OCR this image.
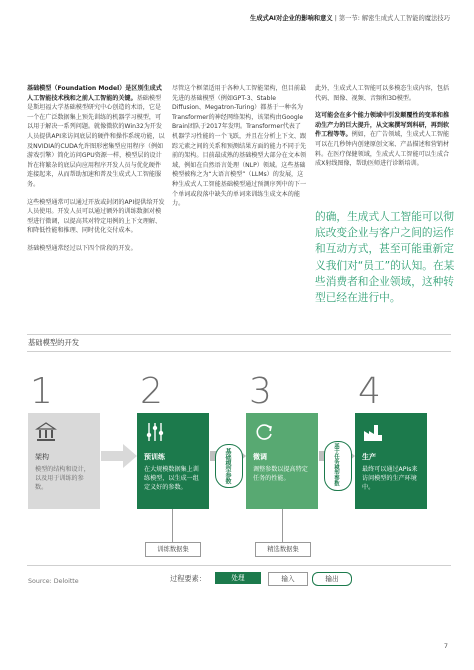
生成式AI对企业的影响和意义 | 第一节: 解密生成式人工智能的魔法技巧

基础模型（Foundation Model）是区别生成式人工智能技术栈和之前人工智能的关键。基础模型是斯坦福大学基础模型研究中心创造的术语，它是一个在广泛数据集上预先训练的机器学习模型，可以用于解决一系列问题。就像微软的Win32为开发人员提供API来访问底层的硬件和操作系统功能，以及NVIDIA的CUDA允许图形密集型应用程序（例如游戏引擎）简化访问GPU资源一样，模型层的设计旨在将繁杂的底层向应用程序开发人员与优化硬件连接起来，从而帮助加速和普及生成式人工智能服务。

这些模型通常可以通过开放或封闭的API提供给开发人员使用。开发人员可以通过额外的训练数据对模型进行微调，以提高其对特定用例的上下文理解、和降低性能和推理、同时优化交付成本。

基础模型通常经过以下四个阶段的开发。

尽管这个框架适用于各种人工智能架构，但目前最先进的基础模型（例如GPT-3、Stable Diffusion、Megatron-Turing）都基于一种名为Transformer的神经网络架构，该架构由Google Brain团队于2017年发明。Transformer代表了机器学习性能的一个飞跃，并且在分析上下文、跟踪元素之间的关系和预测结果方面的能力不同于先前的架构。目前最成熟的基础模型大部分在文本领域，例如在自然语言处理（NLP）领域。这些基础模型被称之为“大语言模型”（LLMs）的发展，这种生成式人工智能基础模型通过预测序列中的下一个单词或段落中缺失的单词来训练生成文本的能力。

此外，生成式人工智能可以多模态生成内容，包括代码、图像、视频、音频和3D模型。

这可能会在多个能力领域中引发颠覆性的变革和推动生产力的巨大提升，从文案撰写到科研，再到软件工程等等。例如，在广告领域，生成式人工智能可以在几秒钟内创建原创文案、产品描述和营销材料。在医疗保健领域，生成式人工智能可以生成合成X射线图像，帮助医师进行诊断培训。

的确，生成式人工智能可以彻底改变企业与客户之间的运作和互动方式，甚至可能重新定义我们对“员工”的认知。在某些消费者和企业领域，这种转型已经在进行中。
基础模型的开发
1 2 3 4
架构
模型的结构和设计，以及用于训练的参数。
预训练
在大规模数据集上训练模型，以生成一组定义好的参数。
微调
调整参数以提高特定任务的性能。
生产
最终可以通过APIs来访问模型的生产环境中。
基础模型参数	基于任务模型参数
训练数据集	精选数据集
Source: Deloitte	过程要素：	处理	输入	输出
7
